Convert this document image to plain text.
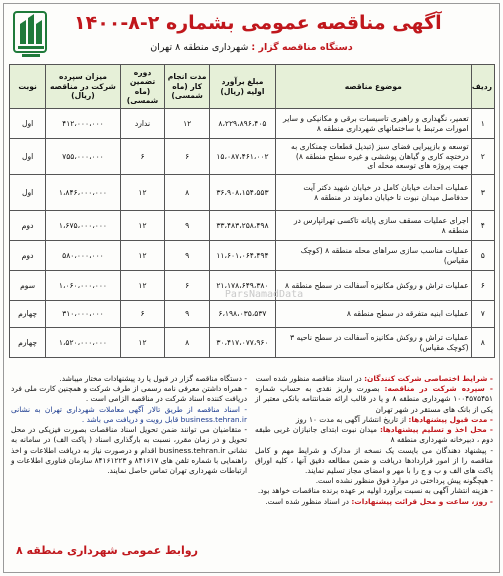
آگهی مناقصه عمومی بشماره ۲-۸-۱۴۰۰
دستگاه مناقصه گزار : شهرداری منطقه ۸ تهران
ردیف	موضوع مناقصه	مبلغ برآورد اولیه (ریال)	مدت انجام کار (ماه شمسی)	دوره تضمین (ماه شمسی)	میزان سپرده شرکت در مناقصه (ریال)	نوبت
۱	تعمیر، نگهداری و راهبری تاسیسات برقی و مکانیکی و سایر امورات مرتبط با ساختمانهای شهرداری منطقه ۸	۸،۲۲۹،۸۹۶،۴۰۵	۱۲	ندارد	۴۱۲،۰۰۰،۰۰۰	اول
۲	توسعه و بازپیرایی فضای سبز (تبدیل قطعات چمنکاری به درختچه کاری و گیاهان پوششی و غیره سطح منطقه ۸) جهت پروژه های توسعه محله ای	۱۵،۰۸۷،۴۶۱،۰۰۲	۶	۶	۷۵۵،۰۰۰،۰۰۰	اول
۳	عملیات احداث خیابان کامل در خیابان شهید دکتر آیت حدفاصل میدان نبوت تا خیابان دماوند در منطقه ۸	۳۶،۹۰۸،۱۵۴،۵۵۳	۸	۱۲	۱،۸۴۶،۰۰۰،۰۰۰	اول
۴	اجرای عملیات مسقف سازی پایانه تاکسی تهرانپارس در منطقه ۸	۳۳،۴۸۳،۲۵۸،۴۹۸	۹	۱۲	۱،۶۷۵،۰۰۰،۰۰۰	دوم
۵	عملیات مناسب سازی سراهای محله منطقه ۸ (کوچک مقیاس)	۱۱،۶۰۱،۰۶۴،۴۹۴	۹	۱۲	۵۸۰،۰۰۰،۰۰۰	دوم
۶	عملیات تراش و روکش مکانیزه آسفالت در سطح منطقه ۸	۲۱،۱۷۸،۶۴۹،۳۸۰	۶	۱۲	۱،۰۶۰،۰۰۰،۰۰۰	سوم
۷	عملیات ابنیه متفرقه در سطح منطقه ۸	۶،۱۹۸،۰۳۵،۵۳۷	۹	۶	۳۱۰،۰۰۰،۰۰۰	چهارم
۸	عملیات تراش و روکش مکانیزه آسفالت در سطح ناحیه ۳ (کوچک مقیاس)	۳۰،۴۱۷،۰۷۷،۹۶۰	۸	۱۲	۱،۵۲۰،۰۰۰،۰۰۰	چهارم
ParsNamadData
- شرایط اختصاصی شرکت کنندگان: در اسناد مناقصه منظور شده است
- سپرده شرکت در مناقصه: بصورت واریز نقدی به حساب شماره ۱۰۰۴۵۷۵۴۵۱ شهرداری منطقه ۸ و یا در قالب ارائه ضمانتنامه بانکی معتبر از یکی از بانک های مستقر در شهر تهران
- مدت قبول پیشنهادها: از تاریخ انتشار آگهی به مدت ۱۰ روز
- محل اخذ و تسلیم پیشنهادها: میدان نبوت ابتدای جانبازان غربی طبقه دوم ، دبیرخانه شهرداری منطقه ۸
- پیشنهاد دهندگان می بایست یک نسخه از مدارک و شرایط مهم و کامل مناقصه را از امور قراردادها دریافت و ضمن مطالعه دقیق آنها ، کلیه اوراق پاکت های الف و ب و ج را با مهر و امضای مجاز تسلیم نمایند.
- هیچگونه پیش پرداختی در موارد فوق منظور نشده است.
- هزینه انتشار آگهی به نسبت برآورد اولیه بر عهده برنده مناقصات خواهد بود.
- روز، ساعت و محل قرائت پیشنهادات: در اسناد منظور شده است.
- دستگاه مناقصه گزار در قبول یا رد پیشنهادات مختار میباشد.
- همراه داشتن معرفی نامه رسمی از طرف شرکت و همچنین کارت ملی فرد دریافت کننده اسناد شرکت در مناقصه الزامی است .
- اسناد مناقصه از طریق تالار آگهی معاملات شهرداری تهران به نشانی business.tehran.ir قابل رویت و دریافت می باشد .
- متقاضیان می توانند ضمن تحویل اسناد مناقصات بصورت فیزیکی در محل تحویل و در زمان مقرر، نسبت به بارگذاری اسناد ( پاکت الف) در سامانه به نشانی business.tehran.ir اقدام و درصورت نیاز به دریافت اطلاعات و اخذ راهنمایی با شماره تلفن های ۸۴۱۶۱۷ و ۸۴۱۶۱۲۲۳ سازمان فناوری اطلاعات و ارتباطات شهرداری تهران تماس حاصل نمایند.
روابط عمومی شهرداری منطقه ۸
